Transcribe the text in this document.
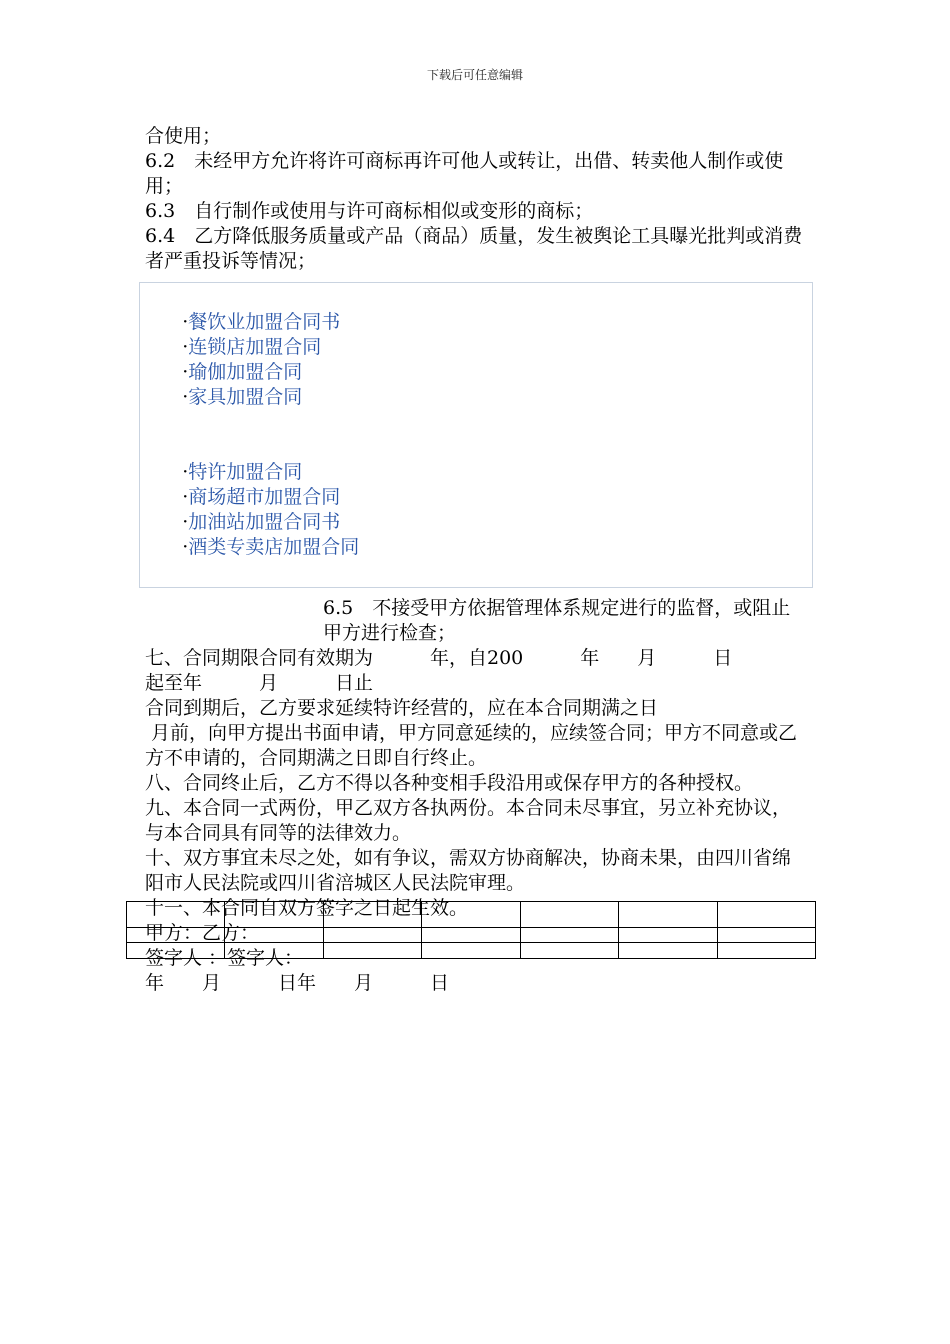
下载后可任意编辑

合使用；

6.2　未经甲方允许将许可商标再许可他人或转让，出借、转卖他人制作或使用；

6.3　自行制作或使用与许可商标相似或变形的商标；

6.4　乙方降低服务质量或产品（商品）质量，发生被舆论工具曝光批判或消费者严重投诉等情况；

·餐饮业加盟合同书
·连锁店加盟合同
·瑜伽加盟合同
·家具加盟合同

·特许加盟合同
·商场超市加盟合同
·加油站加盟合同书
·酒类专卖店加盟合同

6.5　不接受甲方依据管理体系规定进行的监督，或阻止甲方进行检查；

七、合同期限合同有效期为　　　年，自200　　　年　　月　　　日

起至年　　　月　　　日止

合同到期后，乙方要求延续特许经营的，应在本合同期满之日

月前，向甲方提出书面申请，甲方同意延续的，应续签合同；甲方不同意或乙方不申请的，合同期满之日即自行终止。

八、合同终止后，乙方不得以各种变相手段沿用或保存甲方的各种授权。

九、本合同一式两份，甲乙双方各执两份。本合同未尽事宜，另立补充协议，与本合同具有同等的法律效力。

十、双方事宜未尽之处，如有争议，需双方协商解决，协商未果，由四川省绵阳市人民法院或四川省涪城区人民法院审理。

十一、本合同自双方签字之日起生效。

甲方：乙方：

签字人 ：签字人：

年　　月　　　日年　　月　　　日
